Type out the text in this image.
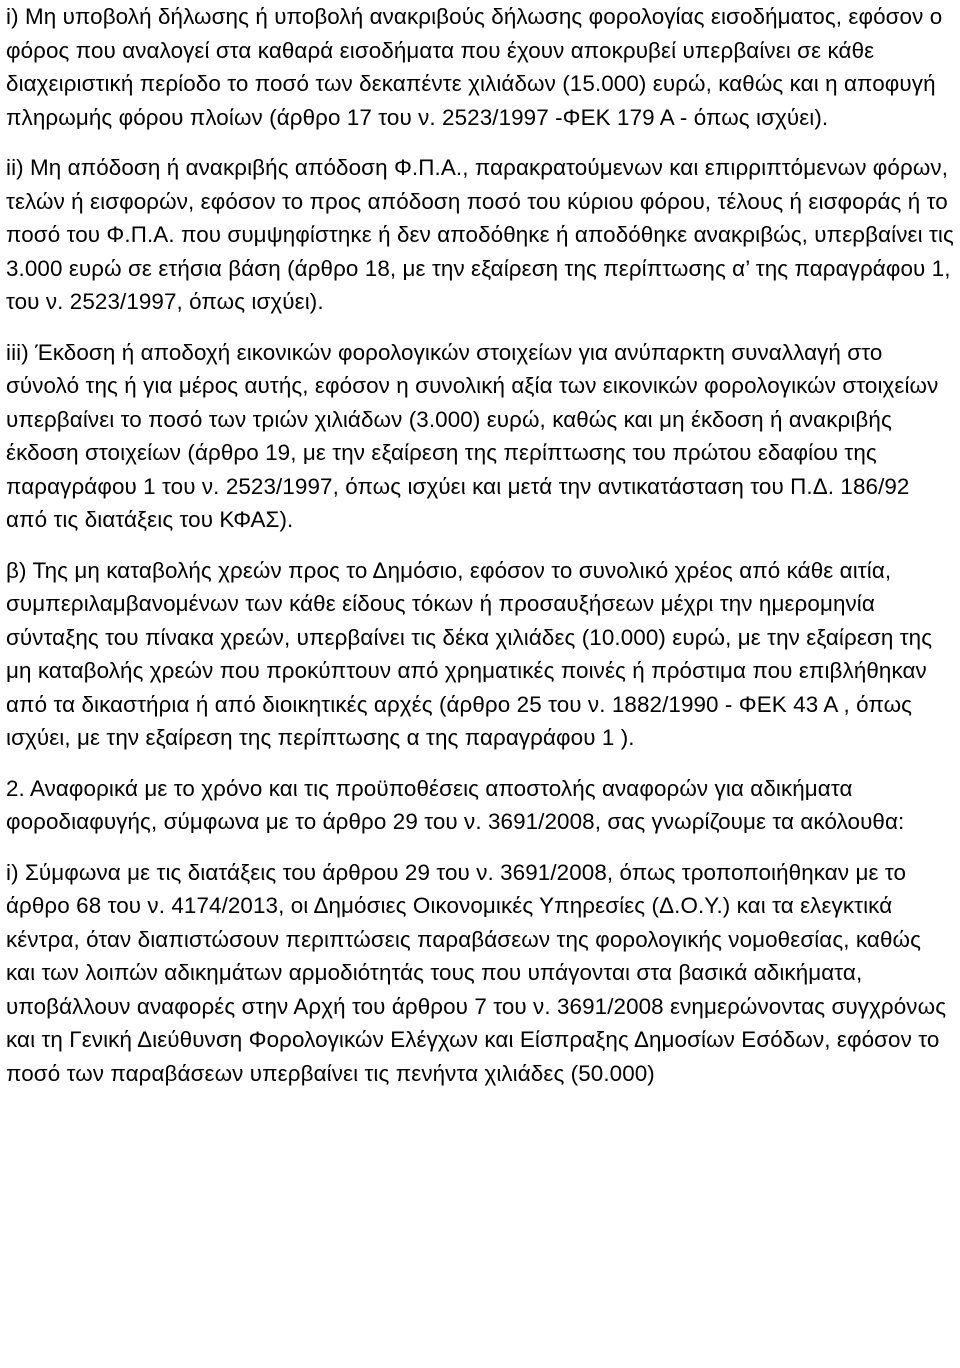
i) Μη υποβολή δήλωσης ή υποβολή ανακριβούς δήλωσης φορολογίας εισοδήματος, εφόσον ο φόρος που αναλογεί στα καθαρά εισοδήματα που έχουν αποκρυβεί υπερβαίνει σε κάθε διαχειριστική περίοδο το ποσό των δεκαπέντε χιλιάδων (15.000) ευρώ, καθώς και η αποφυγή πληρωμής φόρου πλοίων (άρθρο 17 του ν. 2523/1997 -ΦΕΚ 179 Α - όπως ισχύει).

ii) Μη απόδοση ή ανακριβής απόδοση Φ.Π.Α., παρακρατούμενων και επιρριπτόμενων φόρων, τελών ή εισφορών, εφόσον το προς απόδοση ποσό του κύριου φόρου, τέλους ή εισφοράς ή το ποσό του Φ.Π.Α. που συμψηφίστηκε ή δεν αποδόθηκε ή αποδόθηκε ανακριβώς, υπερβαίνει τις 3.000 ευρώ σε ετήσια βάση (άρθρο 18, με την εξαίρεση της περίπτωσης α’ της παραγράφου 1, του ν. 2523/1997, όπως ισχύει).

iii) Έκδοση ή αποδοχή εικονικών φορολογικών στοιχείων για ανύπαρκτη συναλλαγή στο σύνολό της ή για μέρος αυτής, εφόσον η συνολική αξία των εικονικών φορολογικών στοιχείων υπερβαίνει το ποσό των τριών χιλιάδων (3.000) ευρώ, καθώς και μη έκδοση ή ανακριβής έκδοση στοιχείων (άρθρο 19, με την εξαίρεση της περίπτωσης του πρώτου εδαφίου της παραγράφου 1 του ν. 2523/1997, όπως ισχύει και μετά την αντικατάσταση του Π.Δ. 186/92 από τις διατάξεις του ΚΦΑΣ).

β) Της μη καταβολής χρεών προς το Δημόσιο, εφόσον το συνολικό χρέος από κάθε αιτία, συμπεριλαμβανομένων των κάθε είδους τόκων ή προσαυξήσεων μέχρι την ημερομηνία σύνταξης του πίνακα χρεών, υπερβαίνει τις δέκα χιλιάδες (10.000) ευρώ, με την εξαίρεση της μη καταβολής χρεών που προκύπτουν από χρηματικές ποινές ή πρόστιμα που επιβλήθηκαν από τα δικαστήρια ή από διοικητικές αρχές (άρθρο 25 του ν. 1882/1990 - ΦΕΚ 43 Α , όπως ισχύει, με την εξαίρεση της περίπτωσης α της παραγράφου 1 ).

2. Αναφορικά με το χρόνο και τις προϋποθέσεις αποστολής αναφορών για αδικήματα φοροδιαφυγής, σύμφωνα με το άρθρο 29 του ν. 3691/2008, σας γνωρίζουμε τα ακόλουθα:

i) Σύμφωνα με τις διατάξεις του άρθρου 29 του ν. 3691/2008, όπως τροποποιήθηκαν με το άρθρο 68 του ν. 4174/2013, οι Δημόσιες Οικονομικές Υπηρεσίες (Δ.Ο.Υ.) και τα ελεγκτικά κέντρα, όταν διαπιστώσουν περιπτώσεις παραβάσεων της φορολογικής νομοθεσίας, καθώς και των λοιπών αδικημάτων αρμοδιότητάς τους που υπάγονται στα βασικά αδικήματα, υποβάλλουν αναφορές στην Αρχή του άρθρου 7 του ν. 3691/2008 ενημερώνοντας συγχρόνως και τη Γενική Διεύθυνση Φορολογικών Ελέγχων και Είσπραξης Δημοσίων Εσόδων, εφόσον το ποσό των παραβάσεων υπερβαίνει τις πενήντα χιλιάδες (50.000)
